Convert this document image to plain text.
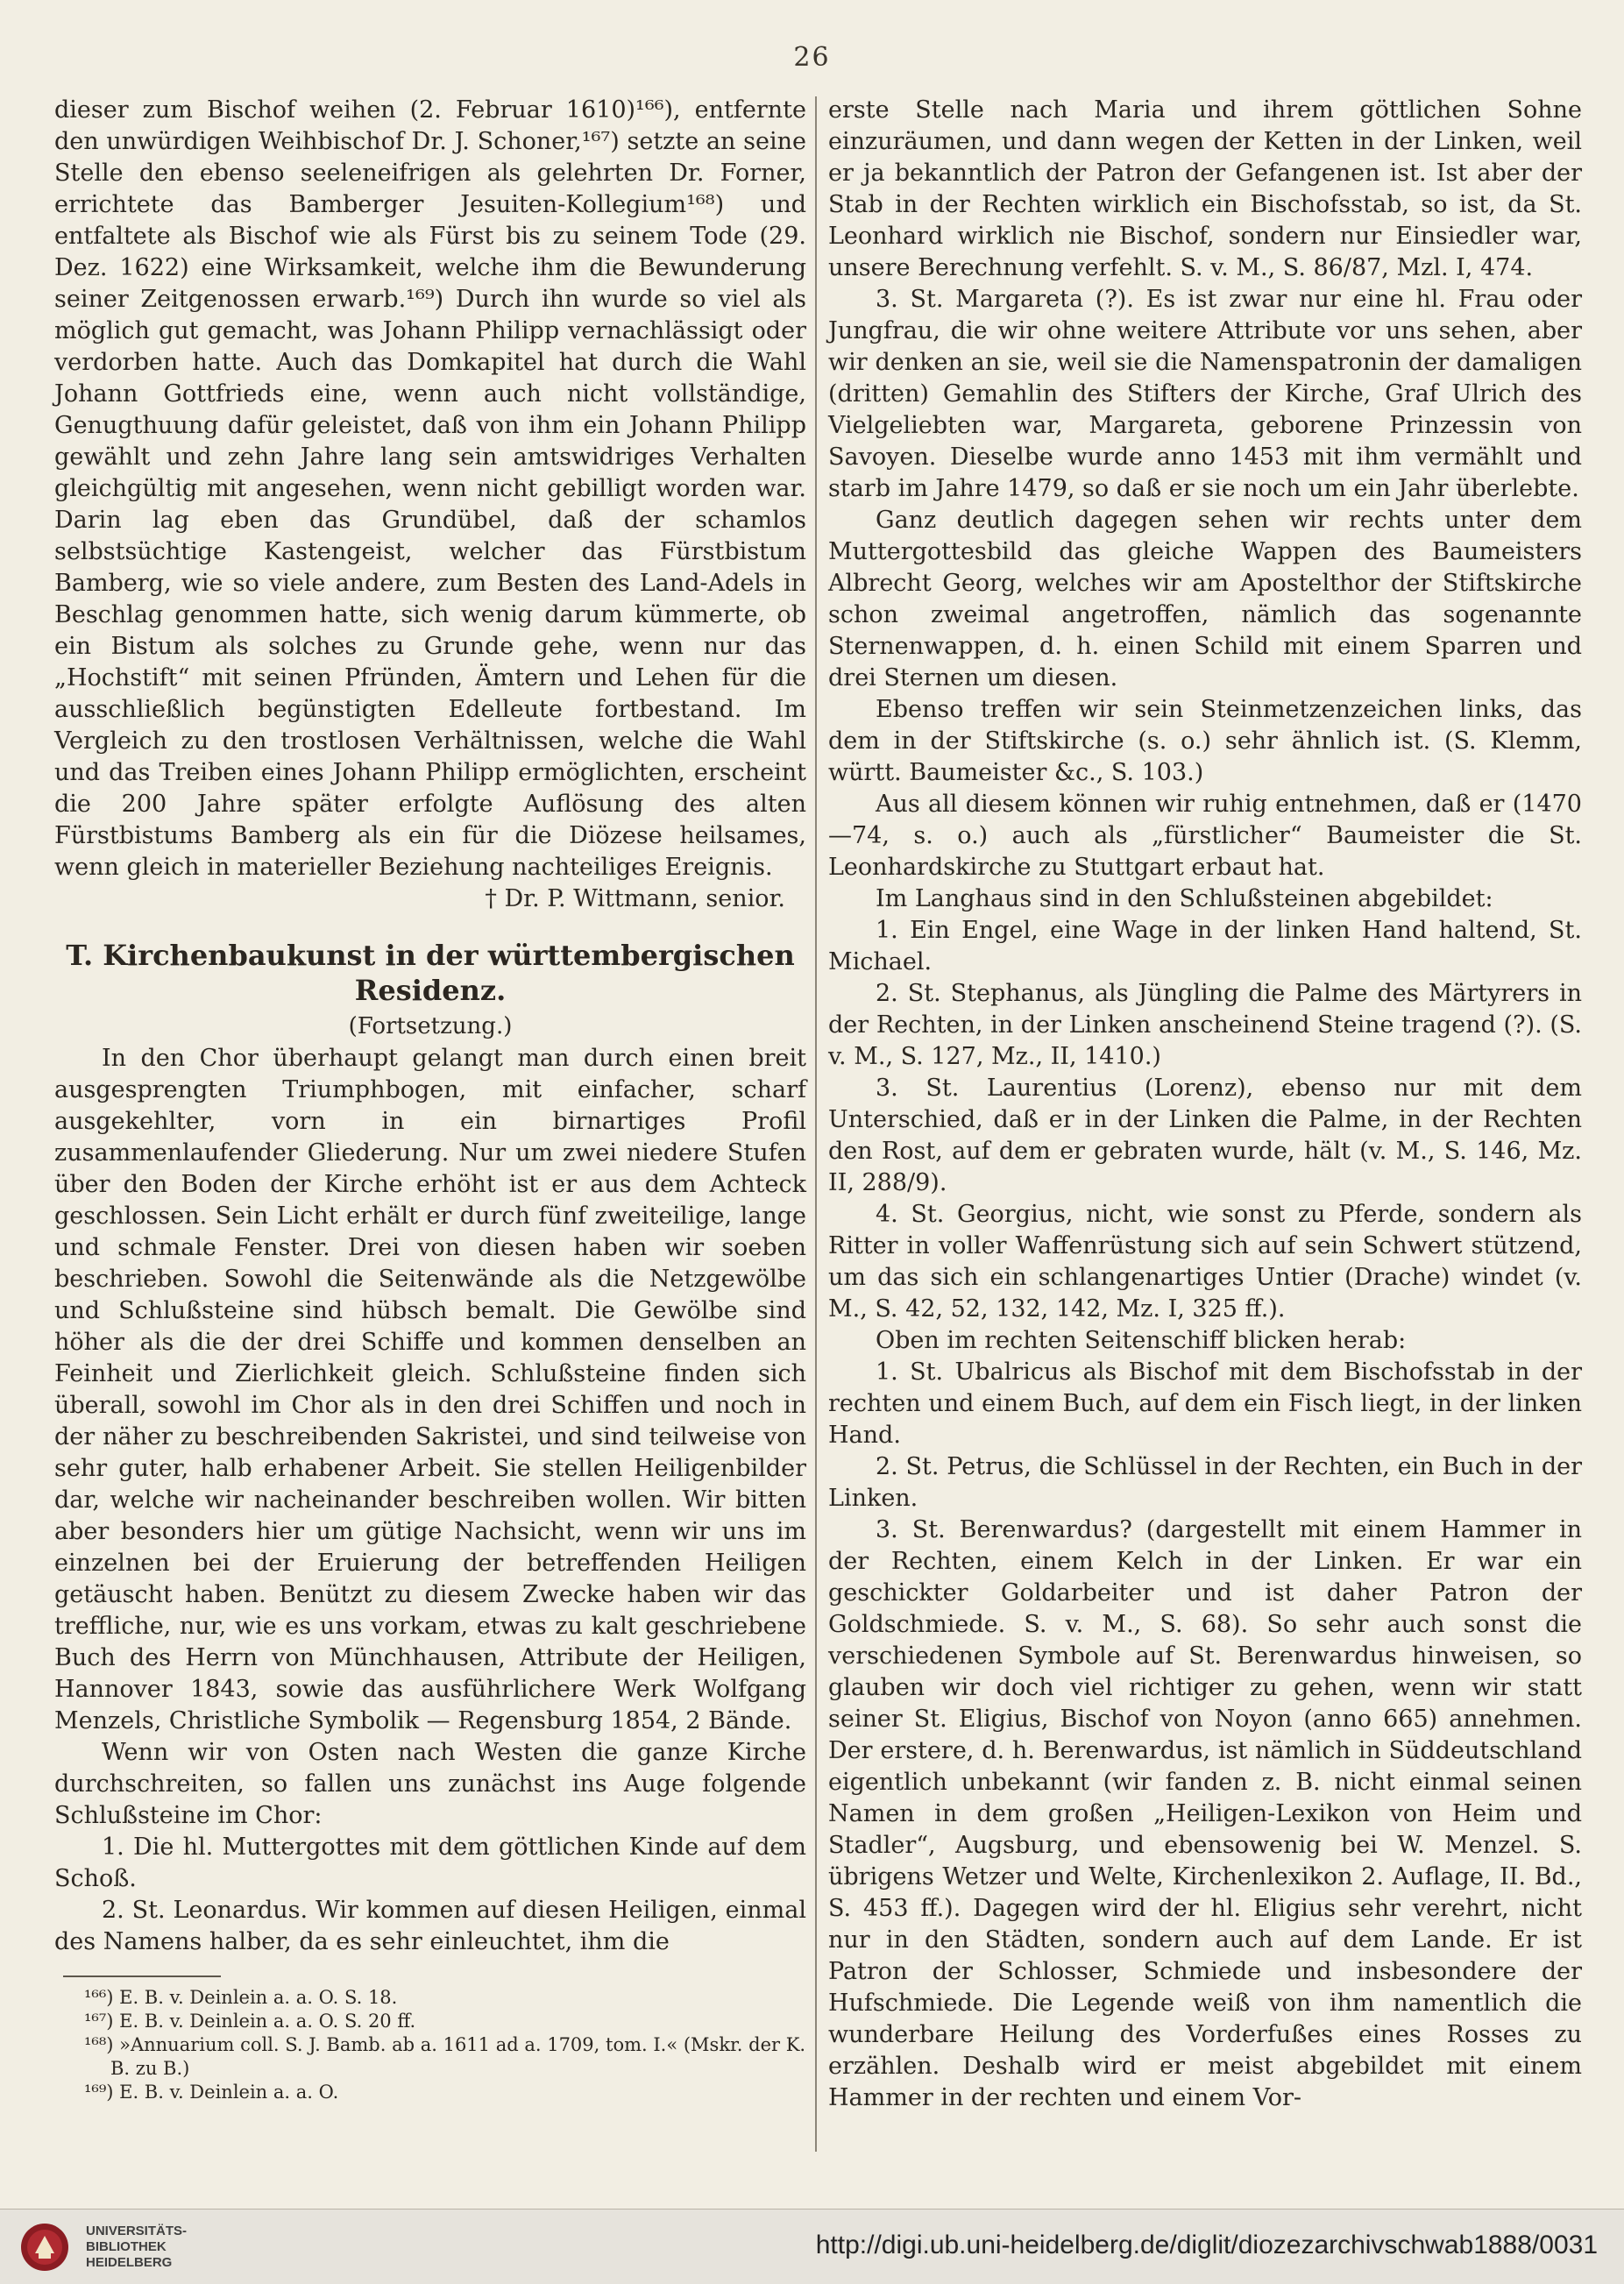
26

dieser zum Bischof weihen (2. Februar 1610)¹⁶⁶), entfernte den unwürdigen Weihbischof Dr. J. Schoner,¹⁶⁷) setzte an seine Stelle den ebenso seeleneifrigen als gelehrten Dr. Forner, errichtete das Bamberger Jesuiten-Kollegium¹⁶⁸) und entfaltete als Bischof wie als Fürst bis zu seinem Tode (29. Dez. 1622) eine Wirksamkeit, welche ihm die Bewunderung seiner Zeitgenossen erwarb.¹⁶⁹) Durch ihn wurde so viel als möglich gut gemacht, was Johann Philipp vernachlässigt oder verdorben hatte. Auch das Domkapitel hat durch die Wahl Johann Gottfrieds eine, wenn auch nicht vollständige, Genugthuung dafür geleistet, daß von ihm ein Johann Philipp gewählt und zehn Jahre lang sein amtswidriges Verhalten gleichgültig mit angesehen, wenn nicht gebilligt worden war. Darin lag eben das Grundübel, daß der schamlos selbstsüchtige Kastengeist, welcher das Fürstbistum Bamberg, wie so viele andere, zum Besten des Land-Adels in Beschlag genommen hatte, sich wenig darum kümmerte, ob ein Bistum als solches zu Grunde gehe, wenn nur das „Hochstift“ mit seinen Pfründen, Ämtern und Lehen für die ausschließlich begünstigten Edelleute fortbestand. Im Vergleich zu den trostlosen Verhältnissen, welche die Wahl und das Treiben eines Johann Philipp ermöglichten, erscheint die 200 Jahre später erfolgte Auflösung des alten Fürstbistums Bamberg als ein für die Diözese heilsames, wenn gleich in materieller Beziehung nachteiliges Ereignis.

† Dr. P. Wittmann, senior.

T. Kirchenbaukunst in der württembergischen Residenz.
(Fortsetzung.)

In den Chor überhaupt gelangt man durch einen breit ausgesprengten Triumphbogen, mit einfacher, scharf ausgekehlter, vorn in ein birnartiges Profil zusammenlaufender Gliederung. Nur um zwei niedere Stufen über den Boden der Kirche erhöht ist er aus dem Achteck geschlossen. Sein Licht erhält er durch fünf zweiteilige, lange und schmale Fenster. Drei von diesen haben wir soeben beschrieben. Sowohl die Seitenwände als die Netzgewölbe und Schlußsteine sind hübsch bemalt. Die Gewölbe sind höher als die der drei Schiffe und kommen denselben an Feinheit und Zierlichkeit gleich. Schlußsteine finden sich überall, sowohl im Chor als in den drei Schiffen und noch in der näher zu beschreibenden Sakristei, und sind teilweise von sehr guter, halb erhabener Arbeit. Sie stellen Heiligenbilder dar, welche wir nacheinander beschreiben wollen. Wir bitten aber besonders hier um gütige Nachsicht, wenn wir uns im einzelnen bei der Eruierung der betreffenden Heiligen getäuscht haben. Benützt zu diesem Zwecke haben wir das treffliche, nur, wie es uns vorkam, etwas zu kalt geschriebene Buch des Herrn von Münchhausen, Attribute der Heiligen, Hannover 1843, sowie das ausführlichere Werk Wolfgang Menzels, Christliche Symbolik — Regensburg 1854, 2 Bände.

Wenn wir von Osten nach Westen die ganze Kirche durchschreiten, so fallen uns zunächst ins Auge folgende Schlußsteine im Chor:

1. Die hl. Muttergottes mit dem göttlichen Kinde auf dem Schoß.

2. St. Leonardus. Wir kommen auf diesen Heiligen, einmal des Namens halber, da es sehr einleuchtet, ihm die

¹⁶⁶) E. B. v. Deinlein a. a. O. S. 18.

¹⁶⁷) E. B. v. Deinlein a. a. O. S. 20 ff.

¹⁶⁸) »Annuarium coll. S. J. Bamb. ab a. 1611 ad a. 1709, tom. I.« (Mskr. der K. B. zu B.)

¹⁶⁹) E. B. v. Deinlein a. a. O.

erste Stelle nach Maria und ihrem göttlichen Sohne einzuräumen, und dann wegen der Ketten in der Linken, weil er ja bekanntlich der Patron der Gefangenen ist. Ist aber der Stab in der Rechten wirklich ein Bischofsstab, so ist, da St. Leonhard wirklich nie Bischof, sondern nur Einsiedler war, unsere Berechnung verfehlt. S. v. M., S. 86/87, Mzl. I, 474.

3. St. Margareta (?). Es ist zwar nur eine hl. Frau oder Jungfrau, die wir ohne weitere Attribute vor uns sehen, aber wir denken an sie, weil sie die Namenspatronin der damaligen (dritten) Gemahlin des Stifters der Kirche, Graf Ulrich des Vielgeliebten war, Margareta, geborene Prinzessin von Savoyen. Dieselbe wurde anno 1453 mit ihm vermählt und starb im Jahre 1479, so daß er sie noch um ein Jahr überlebte.

Ganz deutlich dagegen sehen wir rechts unter dem Muttergottesbild das gleiche Wappen des Baumeisters Albrecht Georg, welches wir am Apostelthor der Stiftskirche schon zweimal angetroffen, nämlich das sogenannte Sternenwappen, d. h. einen Schild mit einem Sparren und drei Sternen um diesen.

Ebenso treffen wir sein Steinmetzenzeichen links, das dem in der Stiftskirche (s. o.) sehr ähnlich ist. (S. Klemm, württ. Baumeister &c., S. 103.)

Aus all diesem können wir ruhig entnehmen, daß er (1470—74, s. o.) auch als „fürstlicher“ Baumeister die St. Leonhardskirche zu Stuttgart erbaut hat.

Im Langhaus sind in den Schlußsteinen abgebildet:

1. Ein Engel, eine Wage in der linken Hand haltend, St. Michael.

2. St. Stephanus, als Jüngling die Palme des Märtyrers in der Rechten, in der Linken anscheinend Steine tragend (?). (S. v. M., S. 127, Mz., II, 1410.)

3. St. Laurentius (Lorenz), ebenso nur mit dem Unterschied, daß er in der Linken die Palme, in der Rechten den Rost, auf dem er gebraten wurde, hält (v. M., S. 146, Mz. II, 288/9).

4. St. Georgius, nicht, wie sonst zu Pferde, sondern als Ritter in voller Waffenrüstung sich auf sein Schwert stützend, um das sich ein schlangenartiges Untier (Drache) windet (v. M., S. 42, 52, 132, 142, Mz. I, 325 ff.).

Oben im rechten Seitenschiff blicken herab:

1. St. Ubalricus als Bischof mit dem Bischofsstab in der rechten und einem Buch, auf dem ein Fisch liegt, in der linken Hand.

2. St. Petrus, die Schlüssel in der Rechten, ein Buch in der Linken.

3. St. Berenwardus? (dargestellt mit einem Hammer in der Rechten, einem Kelch in der Linken. Er war ein geschickter Goldarbeiter und ist daher Patron der Goldschmiede. S. v. M., S. 68). So sehr auch sonst die verschiedenen Symbole auf St. Berenwardus hinweisen, so glauben wir doch viel richtiger zu gehen, wenn wir statt seiner St. Eligius, Bischof von Noyon (anno 665) annehmen. Der erstere, d. h. Berenwardus, ist nämlich in Süddeutschland eigentlich unbekannt (wir fanden z. B. nicht einmal seinen Namen in dem großen „Heiligen-Lexikon von Heim und Stadler“, Augsburg, und ebensowenig bei W. Menzel. S. übrigens Wetzer und Welte, Kirchenlexikon 2. Auflage, II. Bd., S. 453 ff.). Dagegen wird der hl. Eligius sehr verehrt, nicht nur in den Städten, sondern auch auf dem Lande. Er ist Patron der Schlosser, Schmiede und insbesondere der Hufschmiede. Die Legende weiß von ihm namentlich die wunderbare Heilung des Vorderfußes eines Rosses zu erzählen. Deshalb wird er meist abgebildet mit einem Hammer in der rechten und einem Vor-

UNIVERSITÄTS-
BIBLIOTHEK
HEIDELBERG
http://digi.ub.uni-heidelberg.de/diglit/diozezarchivschwab1888/0031
